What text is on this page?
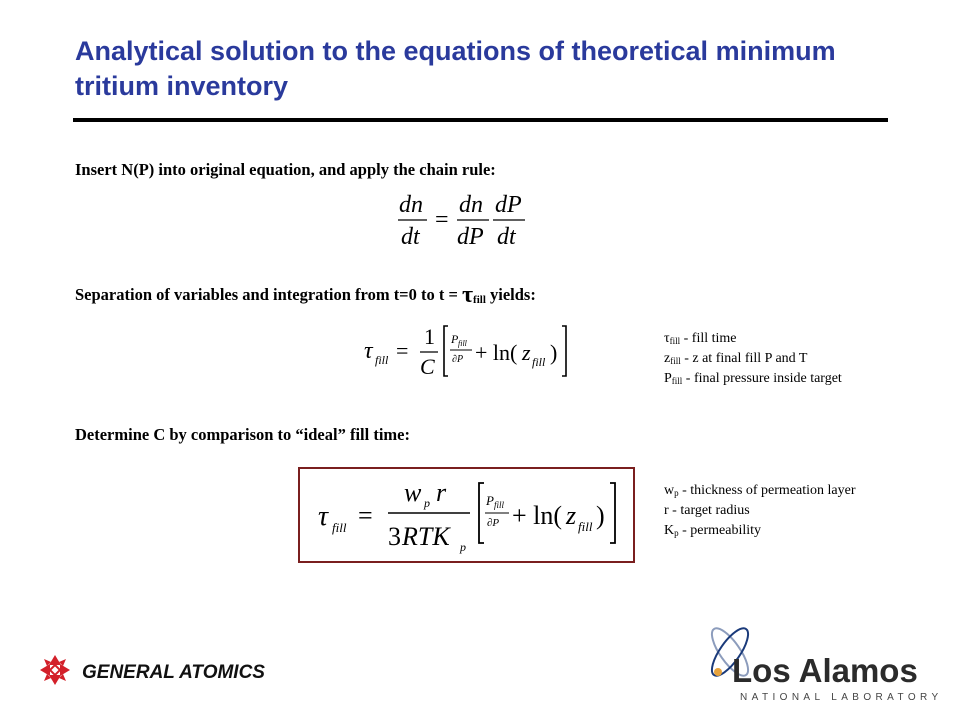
Analytical solution to the equations of theoretical minimum tritium inventory
Insert N(P) into original equation, and apply the chain rule:
dn
dt
=
dn
dP
dP
dt
Separation of variables and integration from t=0 to t = τfill yields:
τ fill =
1
C
P fill
∂P + ln( z fill )
$\tau_{fill}$ - fill time
$z_{fill}$ - z at final fill P and T
$P_{fill}$ - final pressure inside target
Determine C by comparison to “ideal” fill time:
τ fill =
w p r
3 RTK p
P fill
∂P + ln( z fill )
$w_p$ - thickness of permeation layer
r - target radius
$K_p$ - permeability
GENERAL ATOMICS	Los Alamos
NATIONAL LABORATORY
